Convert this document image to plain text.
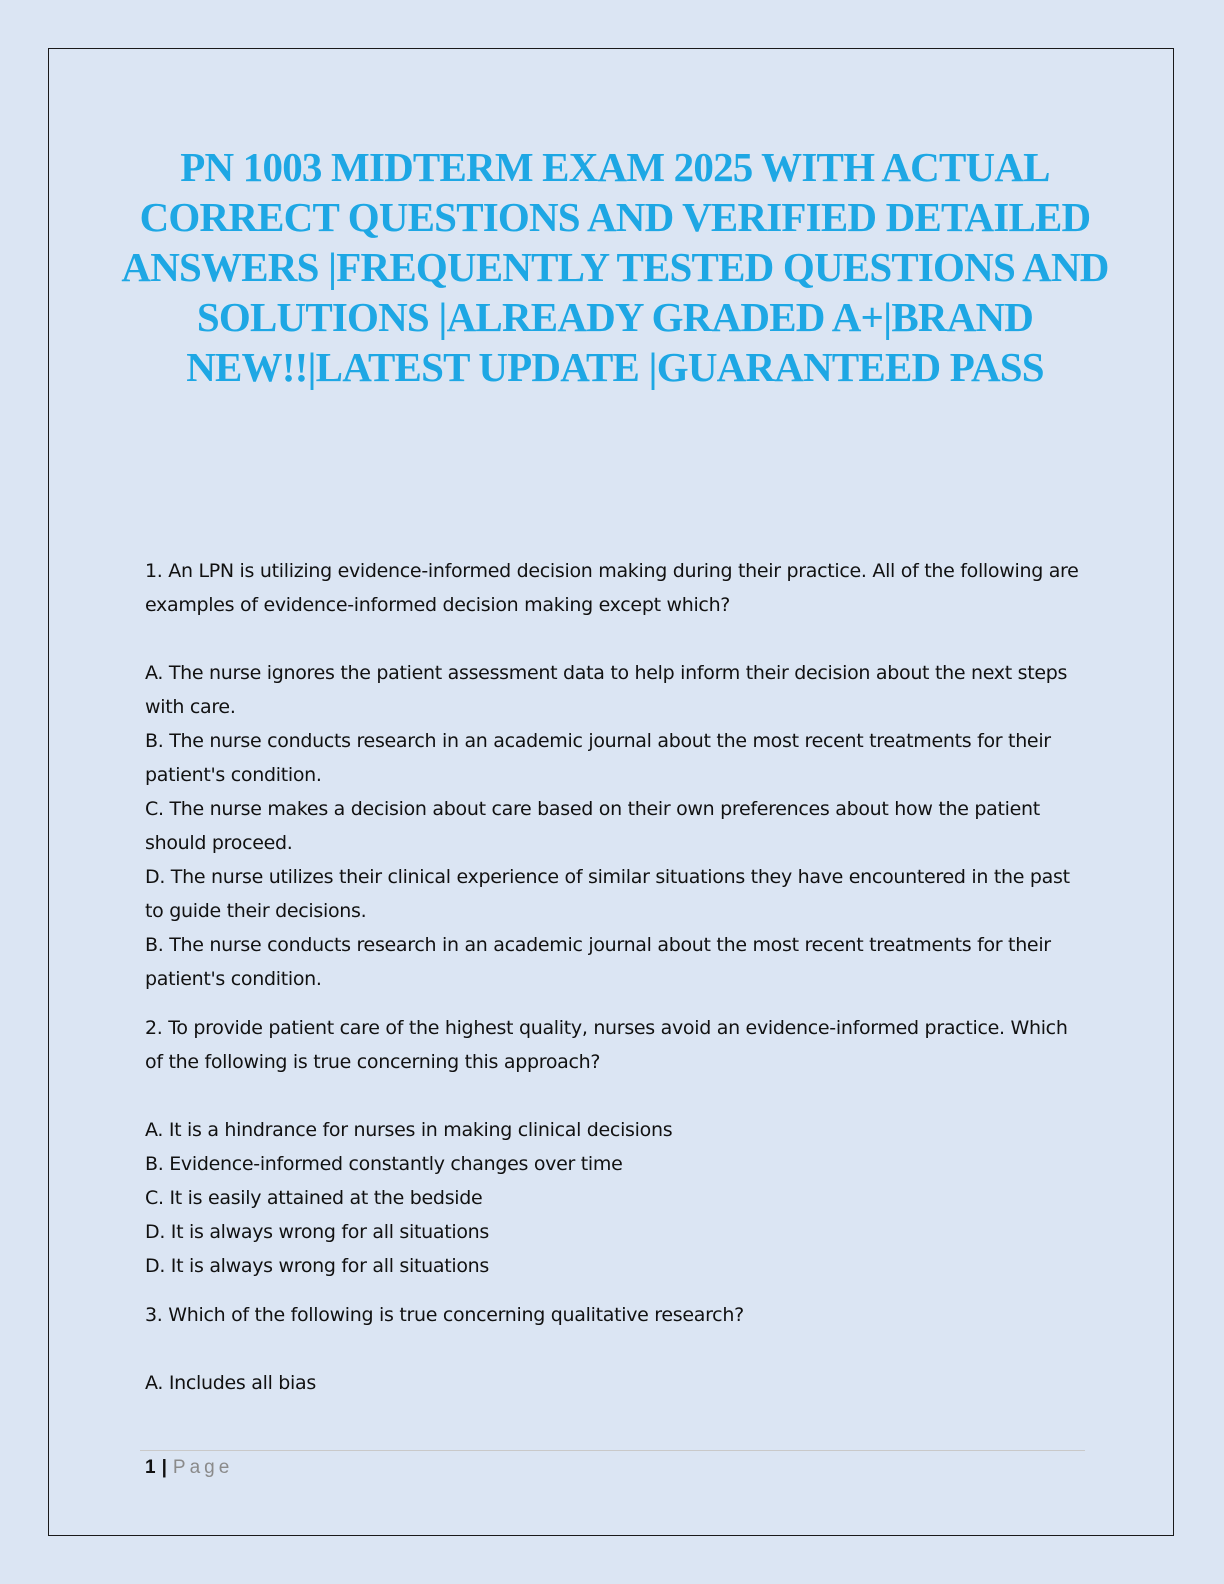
PN 1003 MIDTERM EXAM 2025 WITH ACTUAL CORRECT QUESTIONS AND VERIFIED DETAILED ANSWERS |FREQUENTLY TESTED QUESTIONS AND SOLUTIONS |ALREADY GRADED A+|BRAND NEW!!|LATEST UPDATE |GUARANTEED PASS

1. An LPN is utilizing evidence-informed decision making during their practice. All of the following are examples of evidence-informed decision making except which?

A. The nurse ignores the patient assessment data to help inform their decision about the next steps with care.

B. The nurse conducts research in an academic journal about the most recent treatments for their patient's condition.

C. The nurse makes a decision about care based on their own preferences about how the patient should proceed.

D. The nurse utilizes their clinical experience of similar situations they have encountered in the past to guide their decisions.

B. The nurse conducts research in an academic journal about the most recent treatments for their patient's condition.

2. To provide patient care of the highest quality, nurses avoid an evidence-informed practice. Which of the following is true concerning this approach?

A. It is a hindrance for nurses in making clinical decisions

B. Evidence-informed constantly changes over time

C. It is easily attained at the bedside

D. It is always wrong for all situations

D. It is always wrong for all situations

3. Which of the following is true concerning qualitative research?

A. Includes all bias

1 | Page
